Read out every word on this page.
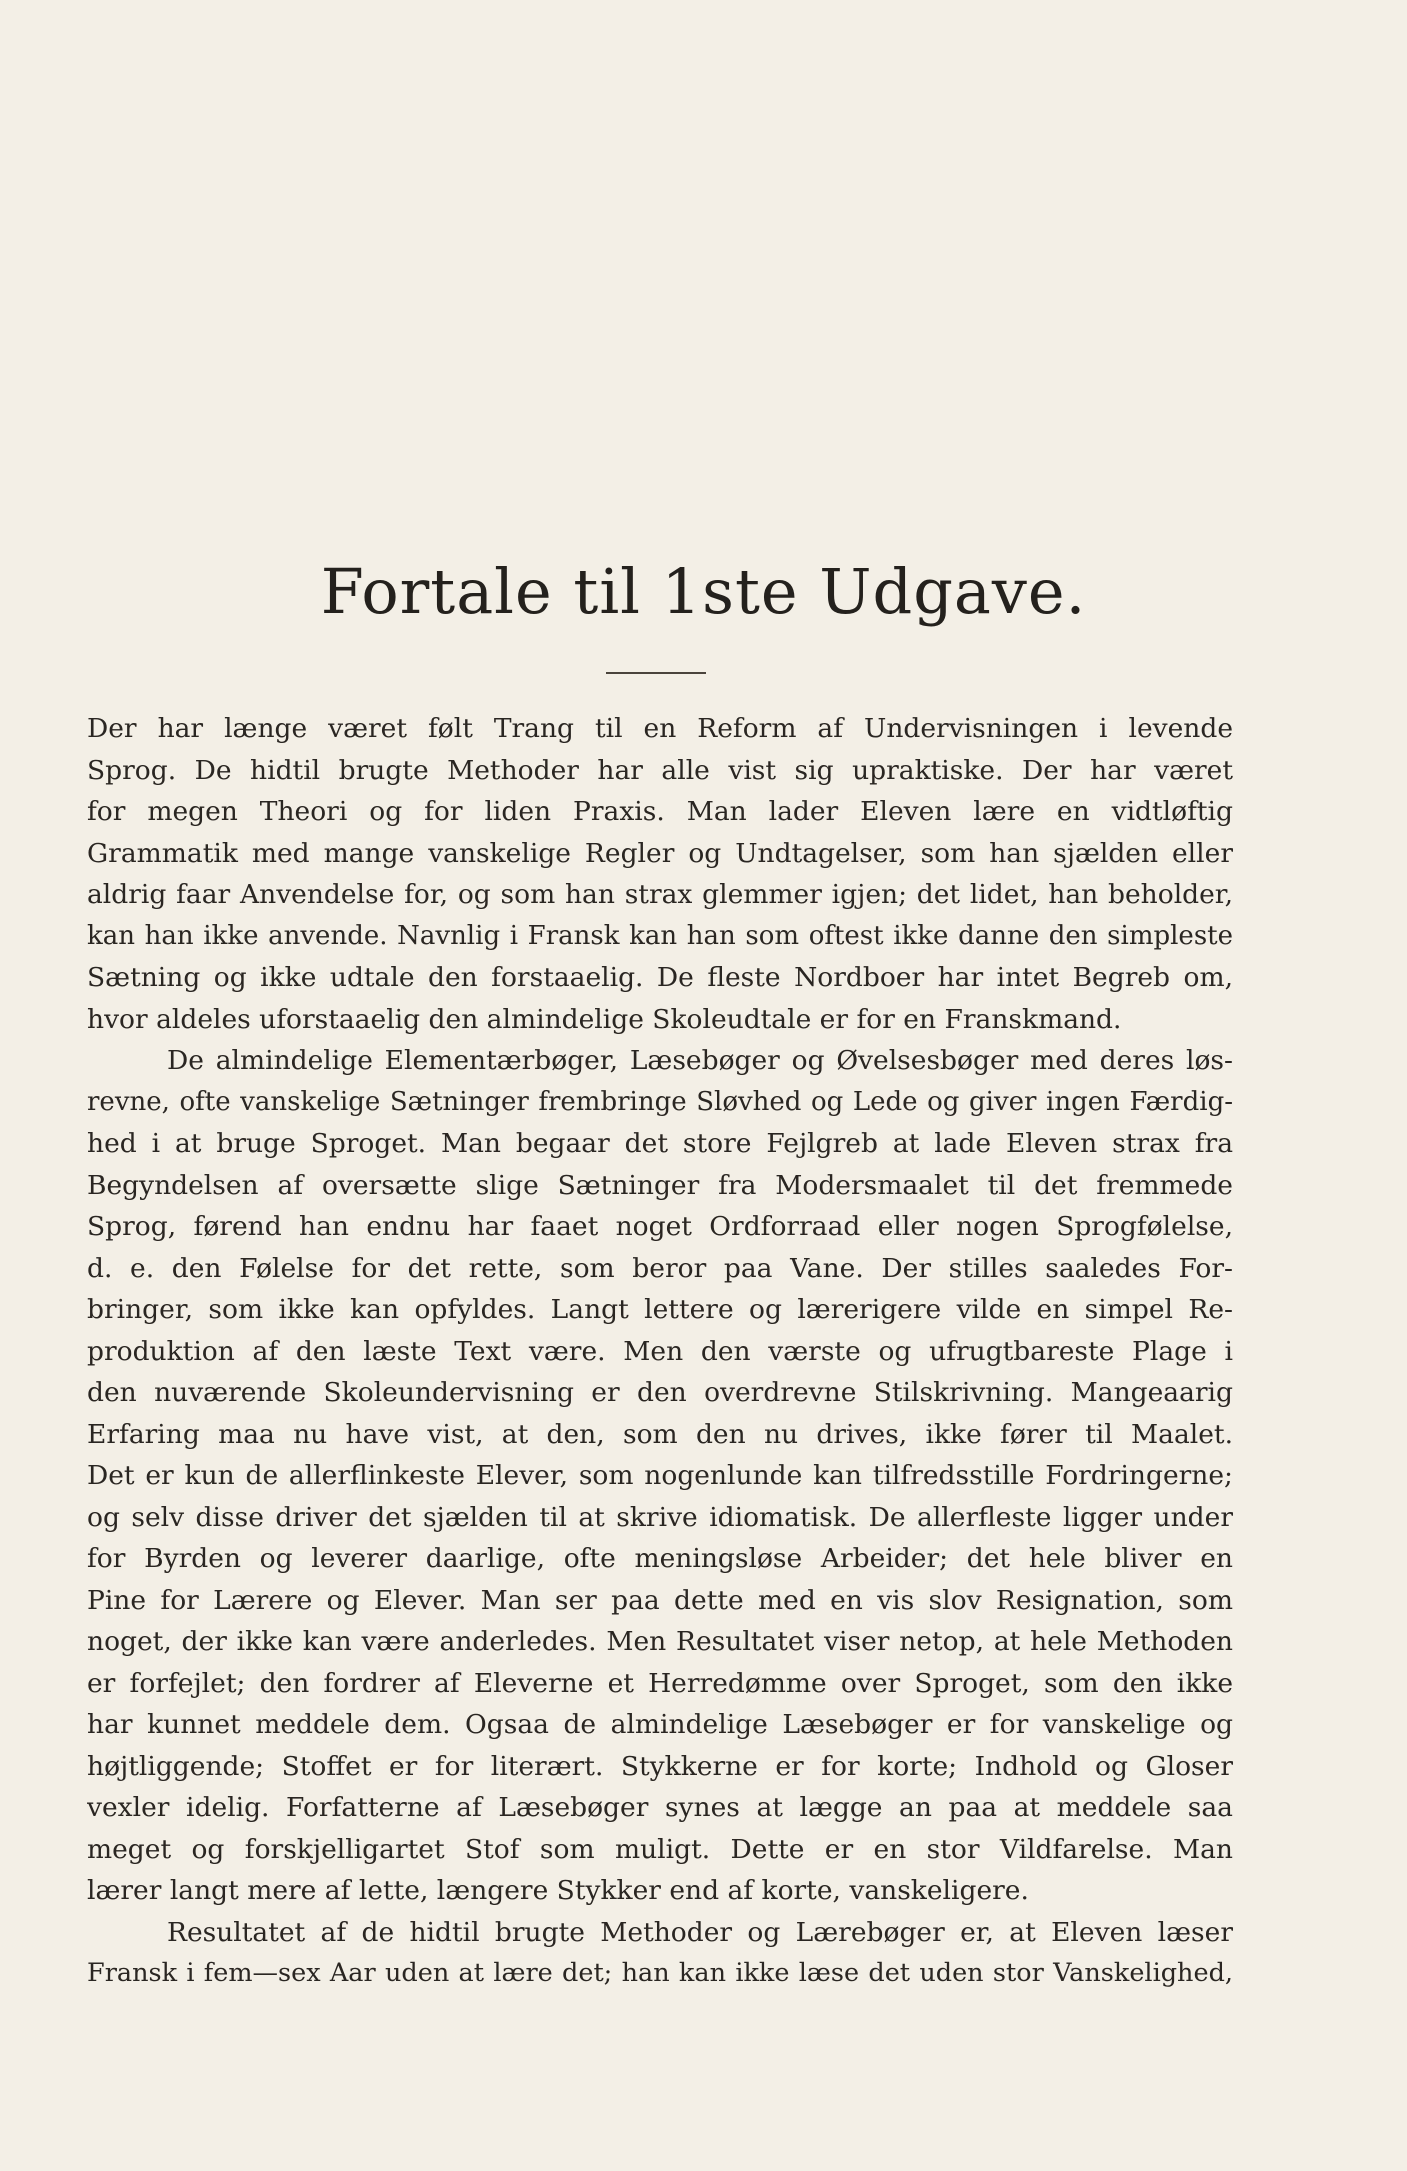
Fortale til 1ste Udgave.
Der har længe været følt Trang til en Reform af Undervisningen i levende
Sprog. De hidtil brugte Methoder har alle vist sig upraktiske. Der har været
for megen Theori og for liden Praxis. Man lader Eleven lære en vidtløftig
Grammatik med mange vanskelige Regler og Undtagelser, som han sjælden eller
aldrig faar Anvendelse for, og som han strax glemmer igjen; det lidet, han beholder,
kan han ikke anvende. Navnlig i Fransk kan han som oftest ikke danne den simpleste
Sætning og ikke udtale den forstaaelig. De fleste Nordboer har intet Begreb om,
hvor aldeles uforstaaelig den almindelige Skoleudtale er for en Franskmand.
De almindelige Elementærbøger, Læsebøger og Øvelsesbøger med deres løs-
revne, ofte vanskelige Sætninger frembringe Sløvhed og Lede og giver ingen Færdig-
hed i at bruge Sproget. Man begaar det store Fejlgreb at lade Eleven strax fra
Begyndelsen af oversætte slige Sætninger fra Modersmaalet til det fremmede
Sprog, førend han endnu har faaet noget Ordforraad eller nogen Sprogfølelse,
d. e. den Følelse for det rette, som beror paa Vane. Der stilles saaledes For-
bringer, som ikke kan opfyldes. Langt lettere og lærerigere vilde en simpel Re-
produktion af den læste Text være. Men den værste og ufrugtbareste Plage i
den nuværende Skoleundervisning er den overdrevne Stilskrivning. Mangeaarig
Erfaring maa nu have vist, at den, som den nu drives, ikke fører til Maalet.
Det er kun de allerflinkeste Elever, som nogenlunde kan tilfredsstille Fordringerne;
og selv disse driver det sjælden til at skrive idiomatisk. De allerfleste ligger under
for Byrden og leverer daarlige, ofte meningsløse Arbeider; det hele bliver en
Pine for Lærere og Elever. Man ser paa dette med en vis slov Resignation, som
noget, der ikke kan være anderledes. Men Resultatet viser netop, at hele Methoden
er forfejlet; den fordrer af Eleverne et Herredømme over Sproget, som den ikke
har kunnet meddele dem. Ogsaa de almindelige Læsebøger er for vanskelige og
højtliggende; Stoffet er for literært. Stykkerne er for korte; Indhold og Gloser
vexler idelig. Forfatterne af Læsebøger synes at lægge an paa at meddele saa
meget og forskjelligartet Stof som muligt. Dette er en stor Vildfarelse. Man
lærer langt mere af lette, længere Stykker end af korte, vanskeligere.
Resultatet af de hidtil brugte Methoder og Lærebøger er, at Eleven læser
Fransk i fem—sex Aar uden at lære det; han kan ikke læse det uden stor Vanskelighed,
